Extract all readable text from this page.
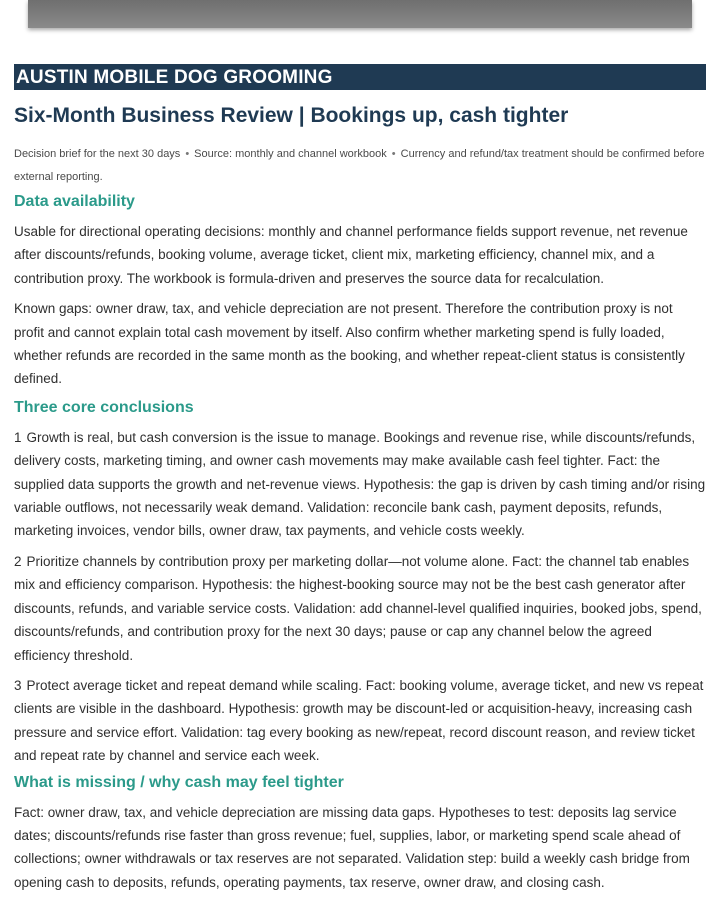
AUSTIN MOBILE DOG GROOMING
Six-Month Business Review | Bookings up, cash tighter
Decision brief for the next 30 days • Source: monthly and channel workbook • Currency and refund/tax treatment should be confirmed before external reporting.
Data availability

Usable for directional operating decisions: monthly and channel performance fields support revenue, net revenue after discounts/refunds, booking volume, average ticket, client mix, marketing efficiency, channel mix, and a contribution proxy. The workbook is formula-driven and preserves the source data for recalculation.

Known gaps: owner draw, tax, and vehicle depreciation are not present. Therefore the contribution proxy is not profit and cannot explain total cash movement by itself. Also confirm whether marketing spend is fully loaded, whether refunds are recorded in the same month as the booking, and whether repeat-client status is consistently defined.

Three core conclusions

1 Growth is real, but cash conversion is the issue to manage. Bookings and revenue rise, while discounts/refunds, delivery costs, marketing timing, and owner cash movements may make available cash feel tighter. Fact: the supplied data supports the growth and net-revenue views. Hypothesis: the gap is driven by cash timing and/or rising variable outflows, not necessarily weak demand. Validation: reconcile bank cash, payment deposits, refunds, marketing invoices, vendor bills, owner draw, tax payments, and vehicle costs weekly.

2 Prioritize channels by contribution proxy per marketing dollar—not volume alone. Fact: the channel tab enables mix and efficiency comparison. Hypothesis: the highest-booking source may not be the best cash generator after discounts, refunds, and variable service costs. Validation: add channel-level qualified inquiries, booked jobs, spend, discounts/refunds, and contribution proxy for the next 30 days; pause or cap any channel below the agreed efficiency threshold.

3 Protect average ticket and repeat demand while scaling. Fact: booking volume, average ticket, and new vs repeat clients are visible in the dashboard. Hypothesis: growth may be discount-led or acquisition-heavy, increasing cash pressure and service effort. Validation: tag every booking as new/repeat, record discount reason, and review ticket and repeat rate by channel and service each week.

What is missing / why cash may feel tighter

Fact: owner draw, tax, and vehicle depreciation are missing data gaps. Hypotheses to test: deposits lag service dates; discounts/refunds rise faster than gross revenue; fuel, supplies, labor, or marketing spend scale ahead of collections; owner withdrawals or tax reserves are not separated. Validation step: build a weekly cash bridge from opening cash to deposits, refunds, operating payments, tax reserve, owner draw, and closing cash.
